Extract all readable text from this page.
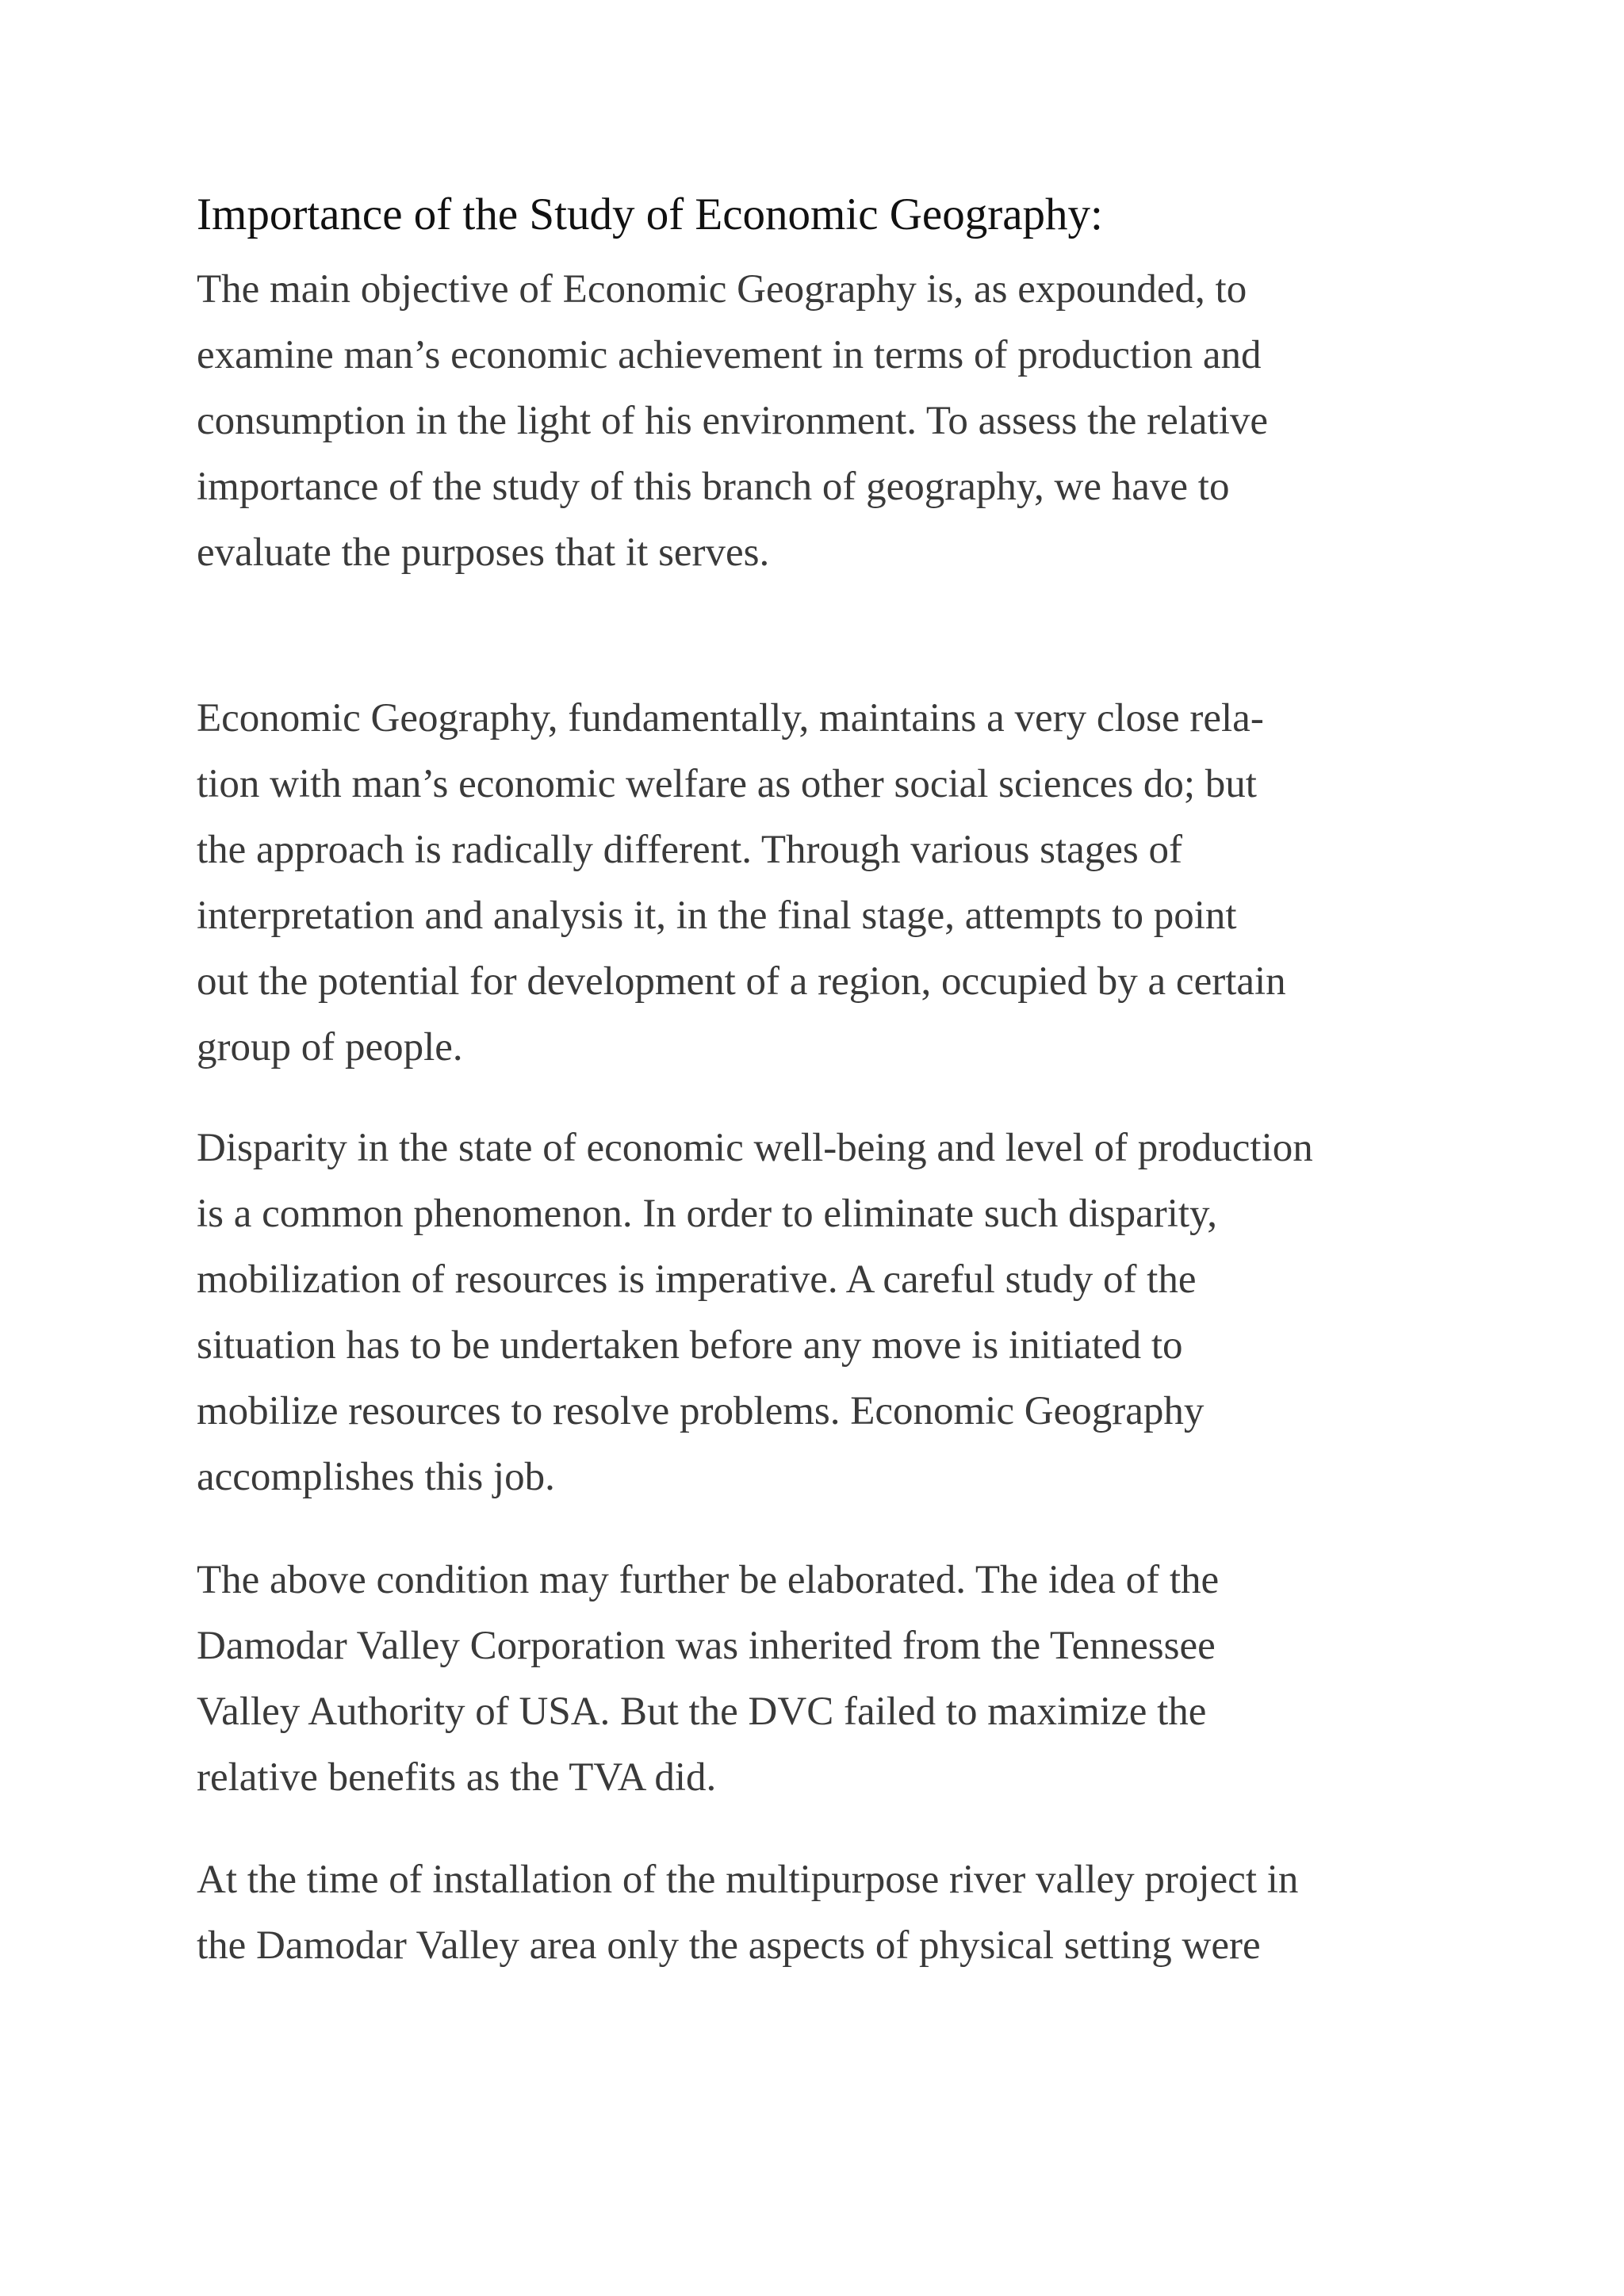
Importance of the Study of Economic Geography:

The main objective of Economic Geography is, as expounded, to

examine man’s economic achievement in terms of production and

consumption in the light of his environment. To assess the relative

importance of the study of this branch of geography, we have to

evaluate the purposes that it serves.

Economic Geography, fundamentally, maintains a very close rela-

tion with man’s economic welfare as other social sciences do; but

the approach is radically different. Through various stages of

interpretation and analysis it, in the final stage, attempts to point

out the potential for development of a region, occupied by a certain

group of people.

Disparity in the state of economic well-being and level of production

is a common phenomenon. In order to eliminate such disparity,

mobilization of resources is imperative. A careful study of the

situation has to be undertaken before any move is initiated to

mobilize resources to resolve problems. Economic Geography

accomplishes this job.

The above condition may further be elaborated. The idea of the

Damodar Valley Corporation was inherited from the Tennessee

Valley Authority of USA. But the DVC failed to maximize the

relative benefits as the TVA did.

At the time of installation of the multipurpose river valley project in

the Damodar Valley area only the aspects of physical setting were
